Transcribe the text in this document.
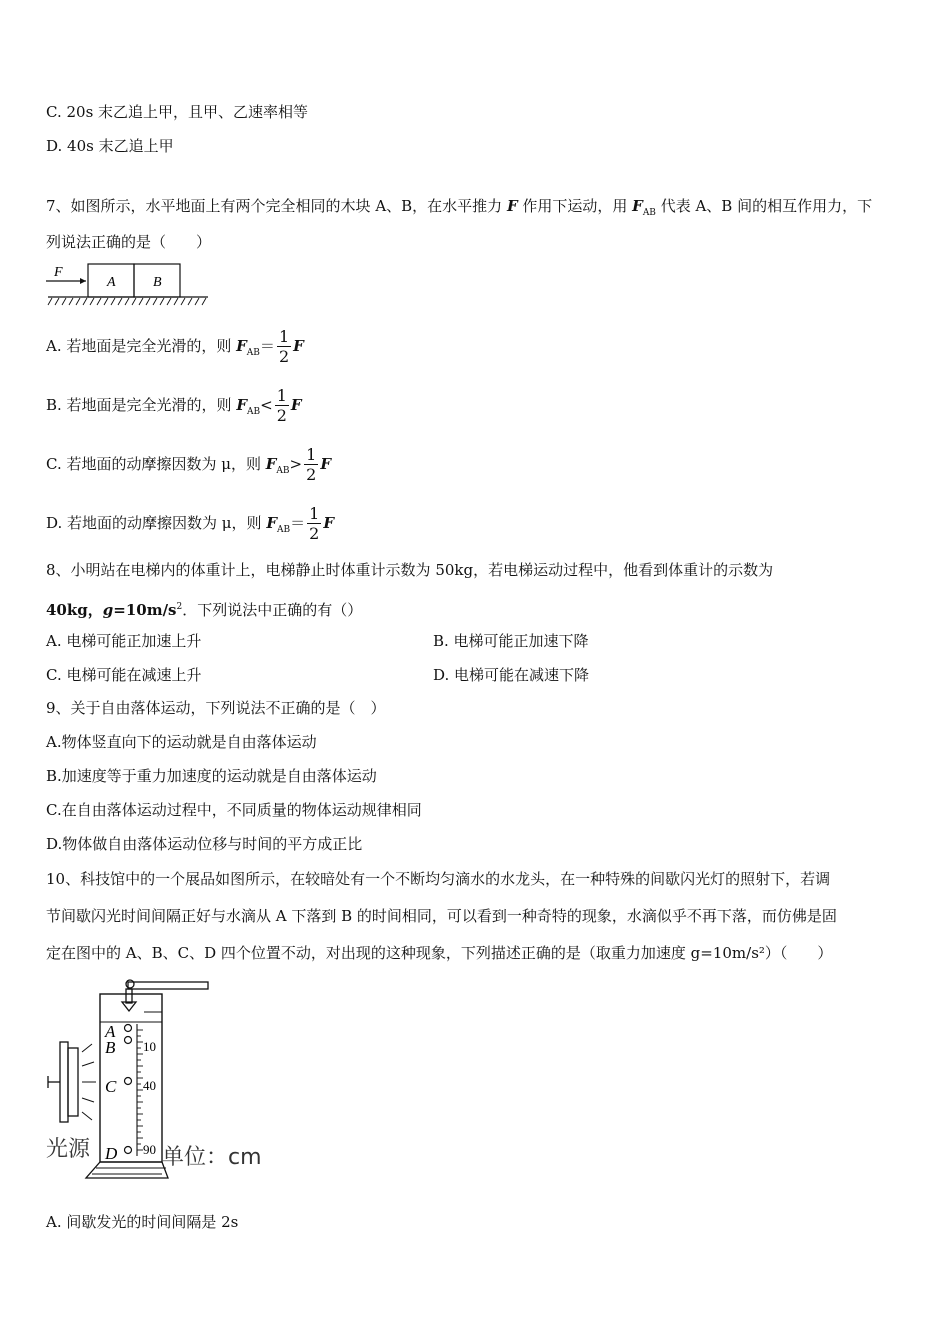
C. 20s 末乙追上甲，且甲、乙速率相等
D. 40s 末乙追上甲
7、如图所示，水平地面上有两个完全相同的木块 A、B，在水平推力 F 作用下运动，用 $F_{AB}$ 代表 A、B 间的相互作用力，下
列说法正确的是（　　）
F
A	B
A. 若地面是完全光滑的，则 $F_{AB}= \frac{1}{2}$ F
B. 若地面是完全光滑的，则 $F_{AB}< \frac{1}{2}$ F
C. 若地面的动摩擦因数为 μ，则 $F_{AB}> \frac{1}{2}$ F
D. 若地面的动摩擦因数为 μ，则 $F_{AB}= \frac{1}{2}$ F
8、小明站在电梯内的体重计上，电梯静止时体重计示数为 50kg，若电梯运动过程中，他看到体重计的示数为
40kg，$g=10m/s^2$．下列说法中正确的有（）
A. 电梯可能正加速上升	B. 电梯可能正加速下降
C. 电梯可能在减速上升	D. 电梯可能在减速下降
9、关于自由落体运动，下列说法不正确的是（　）
A.物体竖直向下的运动就是自由落体运动
B.加速度等于重力加速度的运动就是自由落体运动
C.在自由落体运动过程中，不同质量的物体运动规律相同
D.物体做自由落体运动位移与时间的平方成正比
10、科技馆中的一个展品如图所示，在较暗处有一个不断均匀滴水的水龙头，在一种特殊的间歇闪光灯的照射下，若调
节间歇闪光时间间隔正好与水滴从 A 下落到 B 的时间相同，可以看到一种奇特的现象，水滴似乎不再下落，而仿佛是固
定在图中的 A、B、C、D 四个位置不动，对出现的这种现象，下列描述正确的是（取重力加速度 g=10m/s²）（　　）
A
B
C
D
10
40
90
光源	单位：cm
A. 间歇发光的时间间隔是 2s
